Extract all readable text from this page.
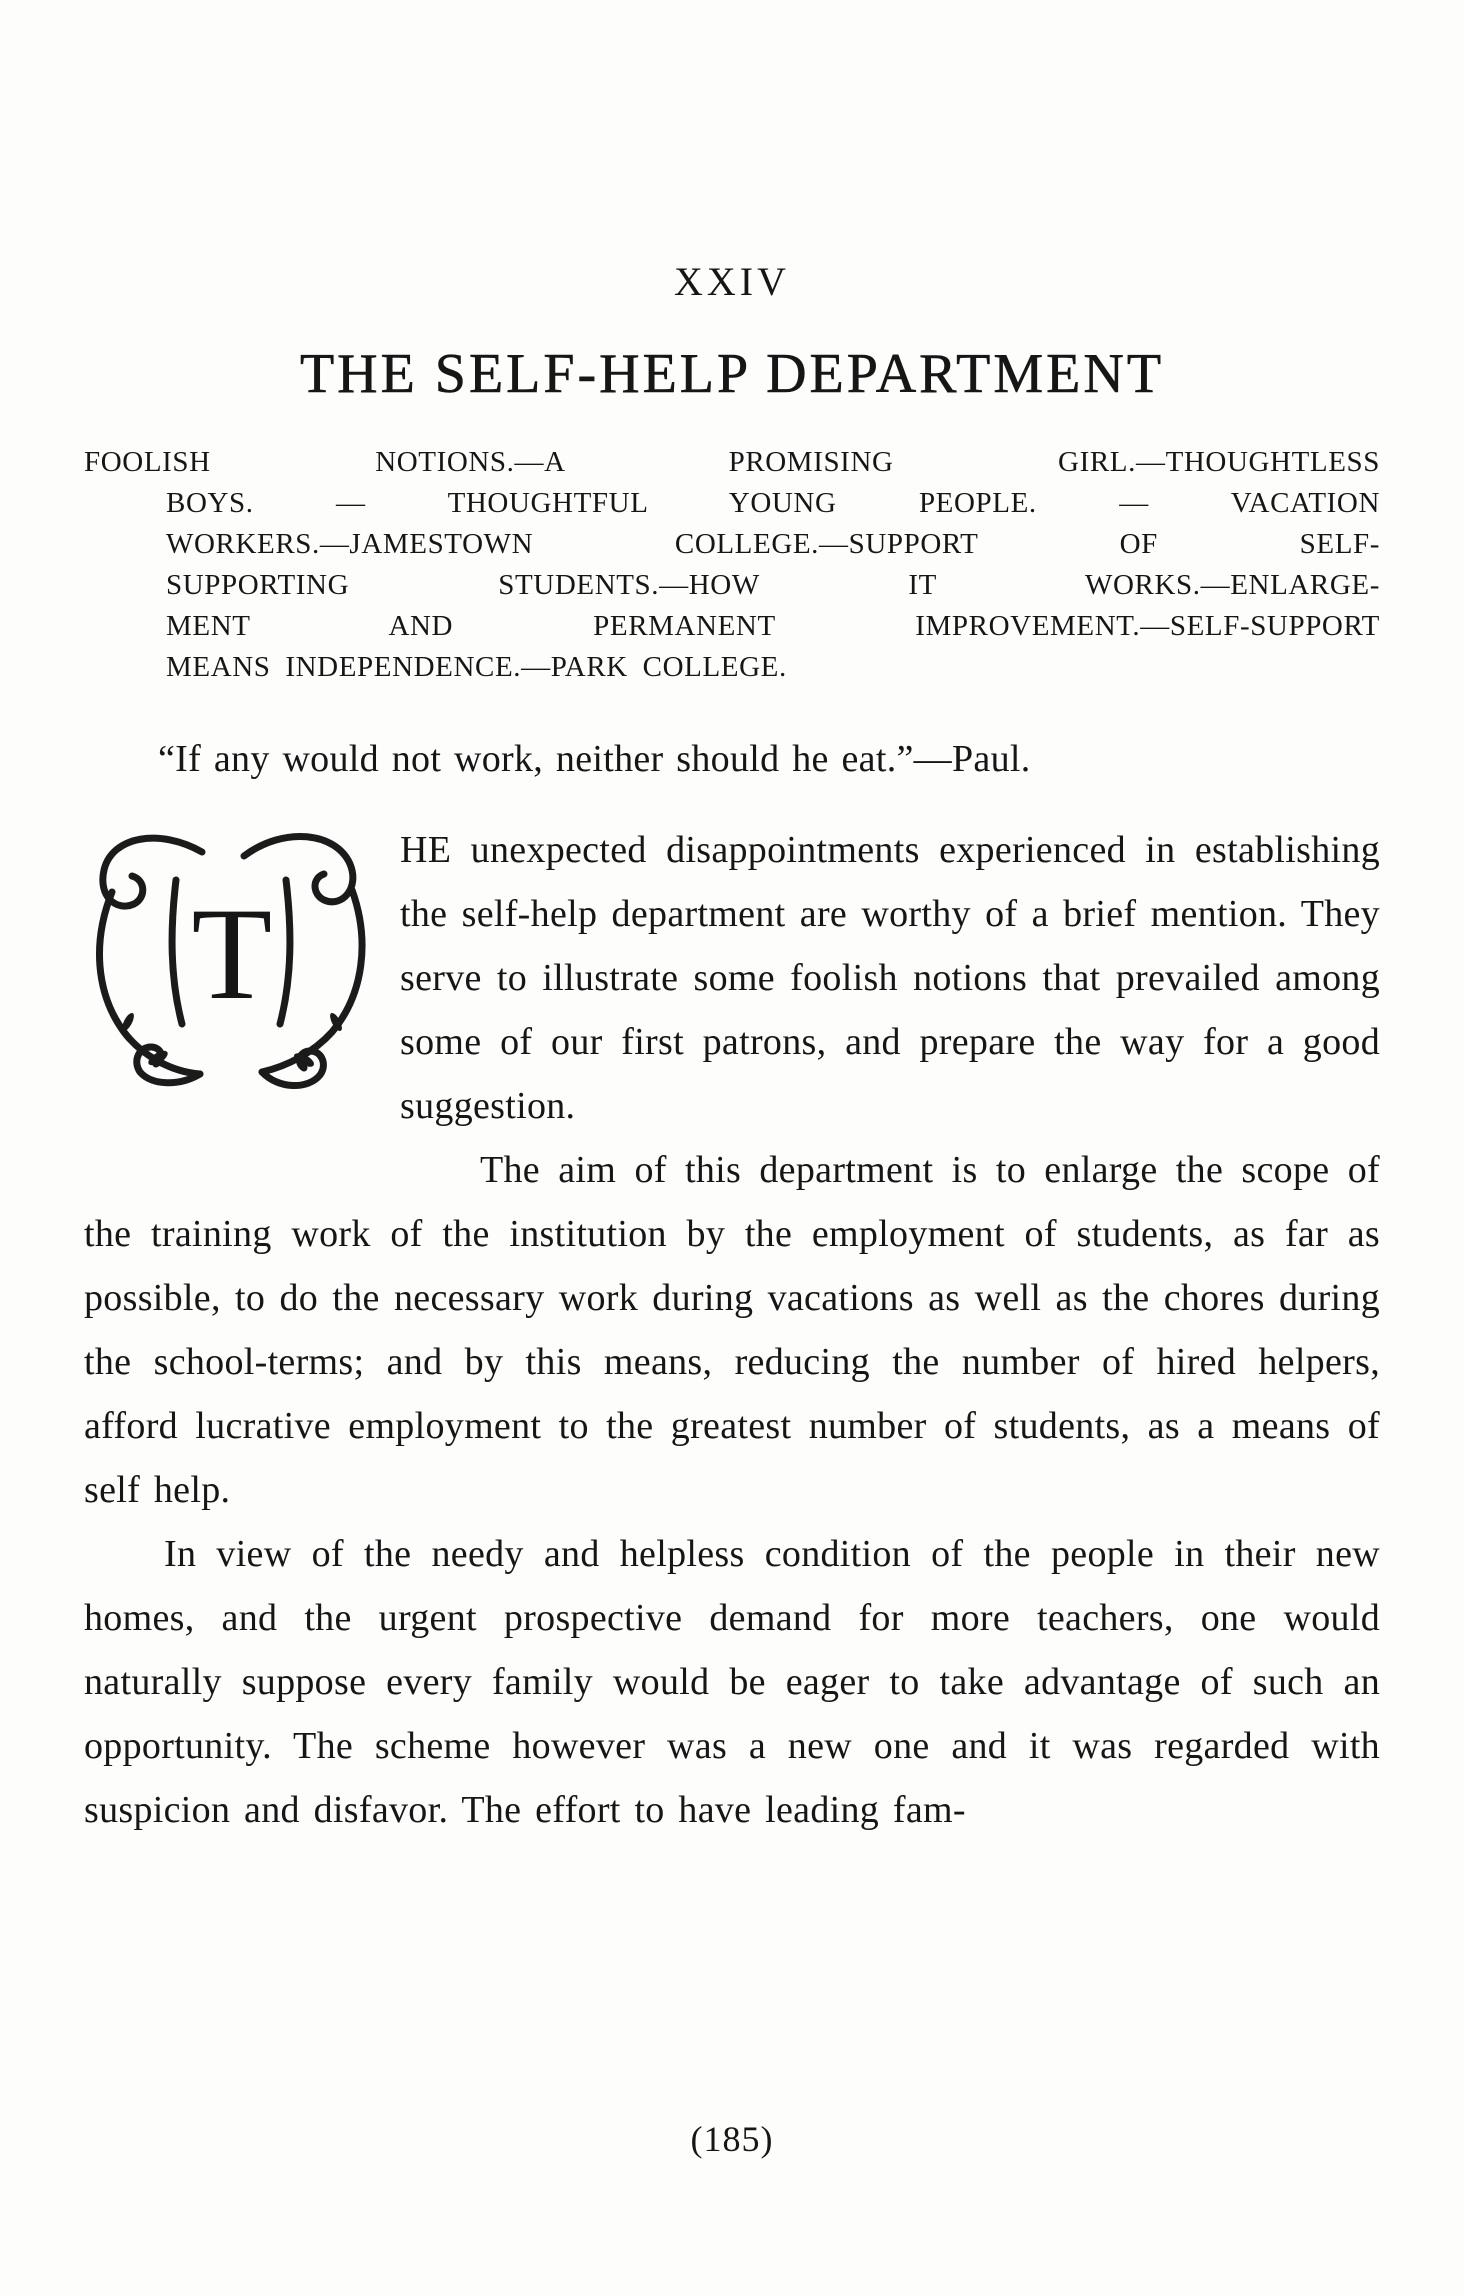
XXIV
THE SELF-HELP DEPARTMENT
FOOLISH NOTIONS.—A PROMISING GIRL.—THOUGHTLESS
BOYS. — THOUGHTFUL YOUNG PEOPLE. — VACATION
WORKERS.—JAMESTOWN COLLEGE.—SUPPORT OF SELF-
SUPPORTING STUDENTS.—HOW IT WORKS.—ENLARGE-
MENT AND PERMANENT IMPROVEMENT.—SELF-SUPPORT
MEANS INDEPENDENCE.—PARK COLLEGE.
“If any would not work, neither should he eat.”—Paul.
T
HE unexpected disappointments experienced in establishing the self-help department are worthy of a brief mention. They serve to illustrate some foolish notions that prevailed among some of our first patrons, and prepare the way for a good suggestion.

The aim of this department is to enlarge the scope of the training work of the institution by the employment of students, as far as possible, to do the necessary work during vacations as well as the chores during the school-terms; and by this means, reducing the number of hired helpers, afford lucrative employment to the greatest number of students, as a means of self help.

In view of the needy and helpless condition of the people in their new homes, and the urgent prospective demand for more teachers, one would naturally suppose every family would be eager to take advantage of such an opportunity. The scheme however was a new one and it was regarded with suspicion and disfavor. The effort to have leading fam-

(185)
